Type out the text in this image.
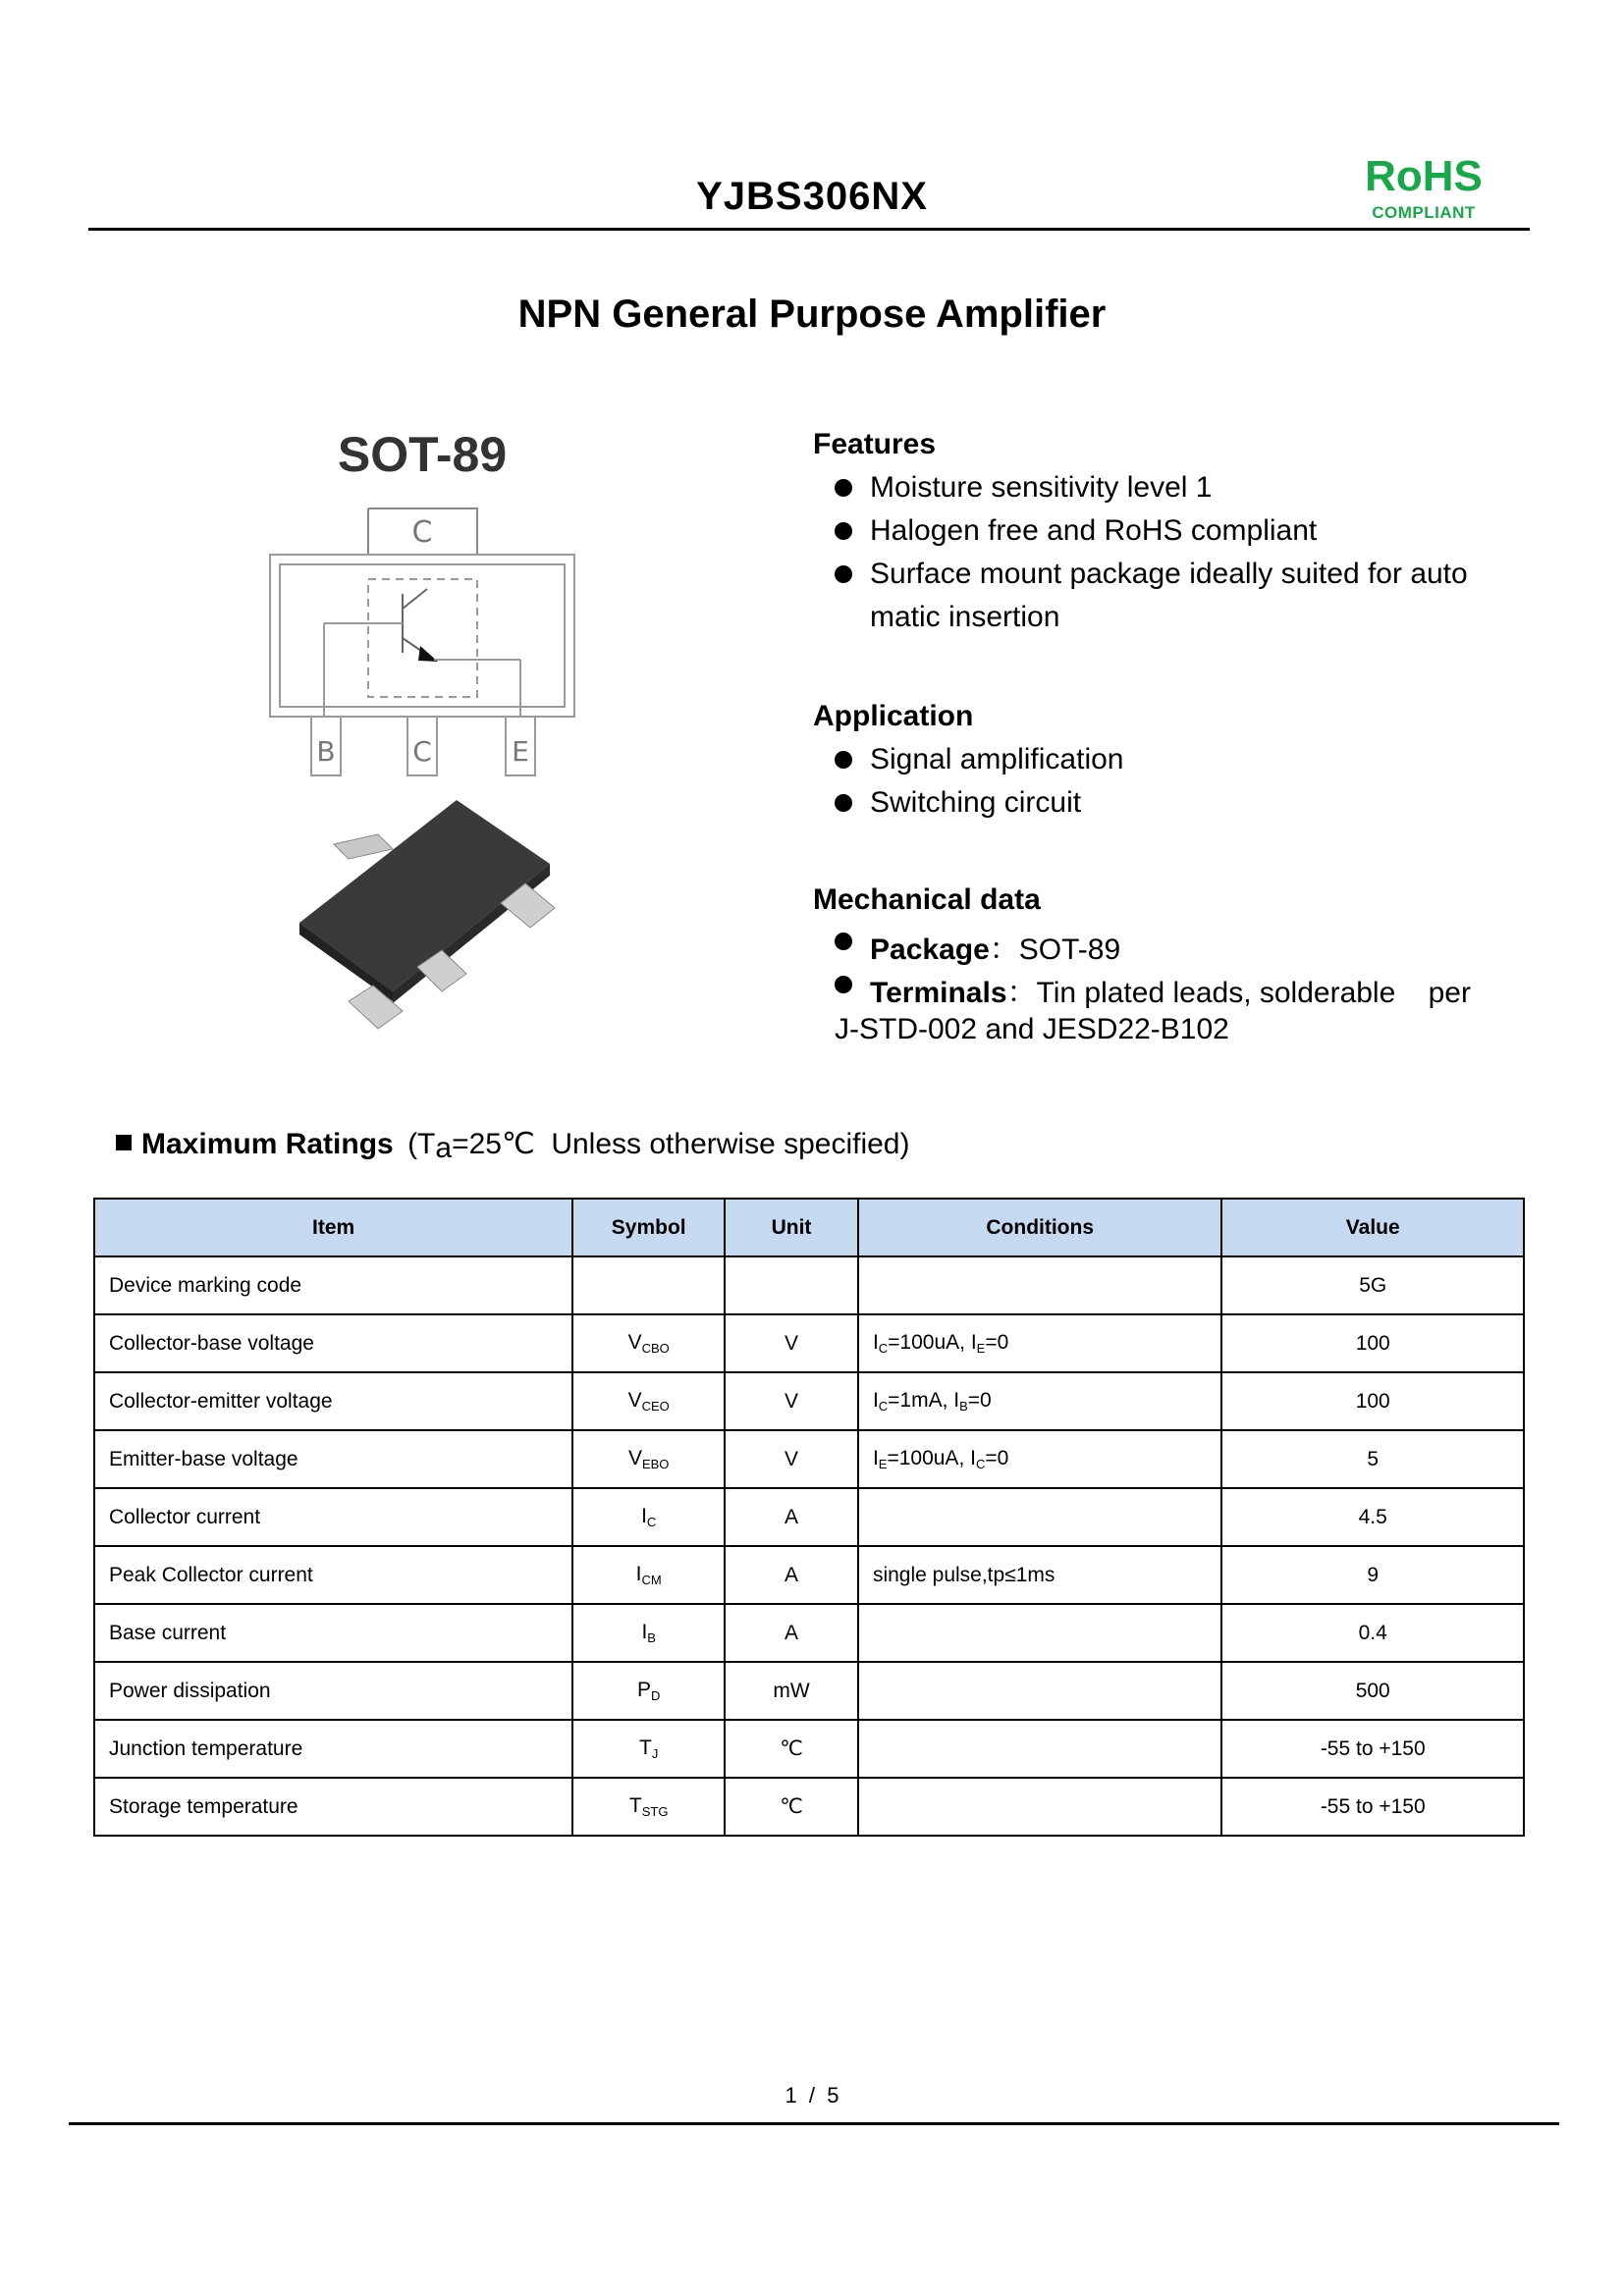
YJBS306NX	RoHS
COMPLIANT
NPN General Purpose Amplifier
SOT-89
C
B	C	E
Features
Moisture sensitivity level 1
Halogen free and RoHS compliant
Surface mount package ideally suited for auto
matic insertion
Application
Signal amplification
Switching circuit
Mechanical data
Package：SOT-89
Terminals：Tin plated leads, solderable    per
J-STD-002 and JESD22-B102
Maximum Ratings (Ta=25℃  Unless otherwise specified)
Item	Symbol	Unit	Conditions	Value
Device marking code				5G
Collector-base voltage	$V_{CBO}$	V	$I_C=100uA$, $I_E=0$	100
Collector-emitter voltage	$V_{CEO}$	V	$I_C=1mA$, $I_B=0$	100
Emitter-base voltage	$V_{EBO}$	V	$I_E=100uA$, $I_C=0$	5
Collector current	$I_C$	A		4.5
Peak Collector current	$I_{CM}$	A	single pulse,tp≤1ms	9
Base current	$I_B$	A		0.4
Power dissipation	$P_D$	mW		500
Junction temperature	$T_J$	℃		-55 to +150
Storage temperature	$T_{STG}$	℃		-55 to +150
1  /  5
